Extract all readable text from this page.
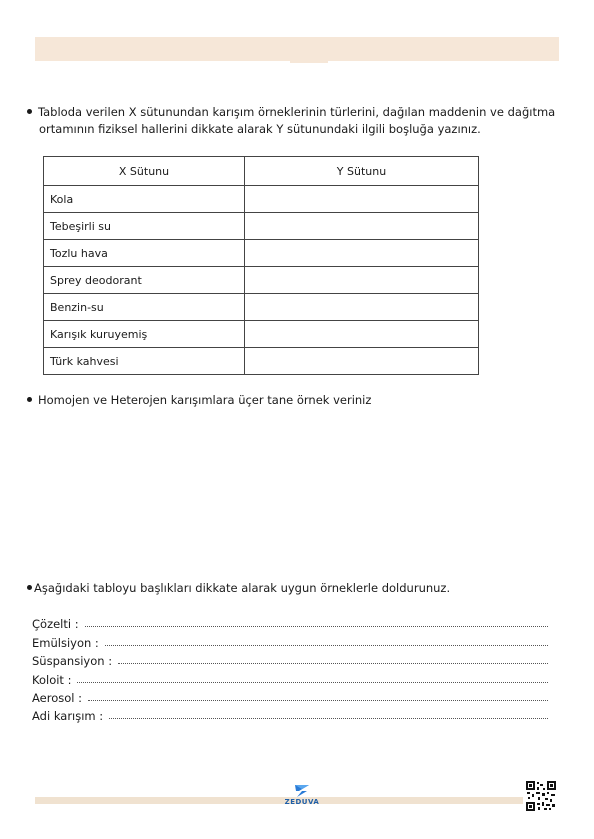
Tabloda verilen X sütunundan karışım örneklerinin türlerini, dağılan maddenin ve dağıtma
ortamının fiziksel hallerini dikkate alarak Y sütunundaki ilgili boşluğa yazınız.
X Sütunu	Y Sütunu
Kola	
Tebeşirli su	
Tozlu hava	
Sprey deodorant	
Benzin-su	
Karışık kuruyemiş	
Türk kahvesi	
Homojen ve Heterojen karışımlara üçer tane örnek veriniz
Aşağıdaki tabloyu başlıkları dikkate alarak uygun örneklerle doldurunuz.
Çözelti :
Emülsiyon :
Süspansiyon :
Koloit :
Aerosol :
Adi karışım :
ZEDUVA
